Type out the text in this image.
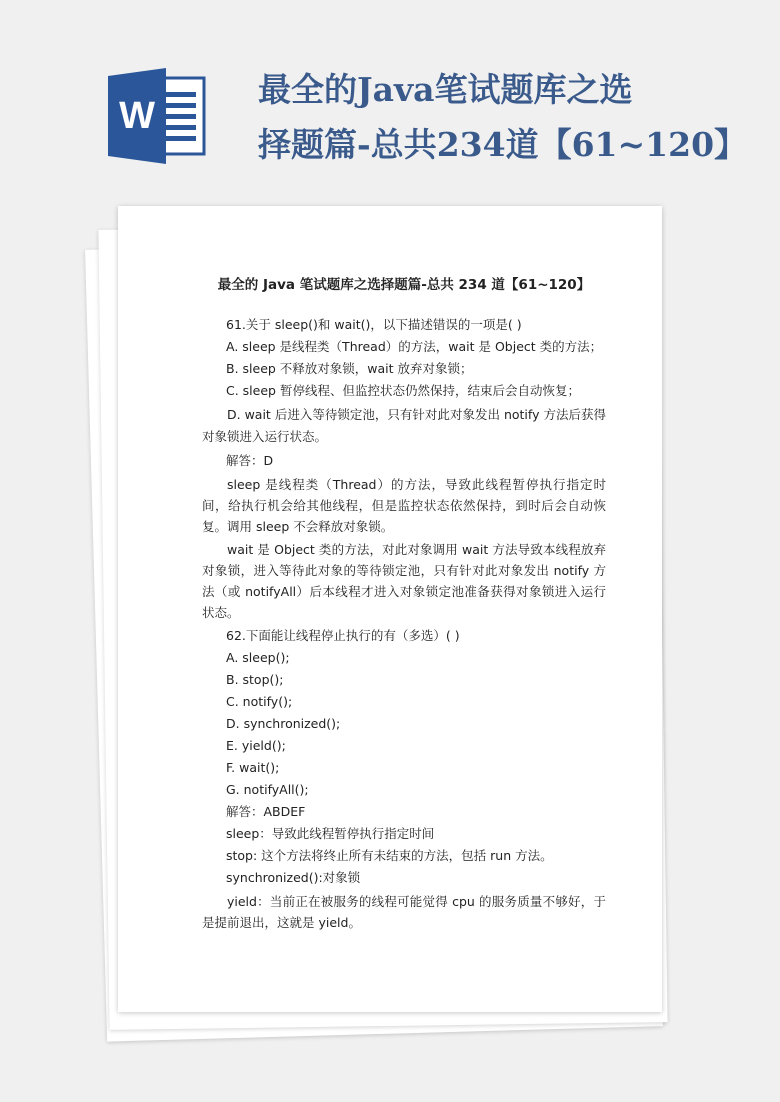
W
最全的Java笔试题库之选
择题篇-总共234道【61~120】
最全的 Java 笔试题库之选择题篇-总共 234 道【61~120】
61.关于 sleep()和 wait()，以下描述错误的一项是( )
A. sleep 是线程类（Thread）的方法，wait 是 Object 类的方法；
B. sleep 不释放对象锁，wait 放弃对象锁；
C. sleep 暂停线程、但监控状态仍然保持，结束后会自动恢复；
D. wait 后进入等待锁定池，只有针对此对象发出 notify 方法后获得对象锁进入运行状态。
解答：D
sleep 是线程类（Thread）的方法，导致此线程暂停执行指定时间，给执行机会给其他线程，但是监控状态依然保持，到时后会自动恢复。调用 sleep 不会释放对象锁。
wait 是 Object 类的方法，对此对象调用 wait 方法导致本线程放弃对象锁，进入等待此对象的等待锁定池，只有针对此对象发出 notify 方法（或 notifyAll）后本线程才进入对象锁定池准备获得对象锁进入运行状态。
62.下面能让线程停止执行的有（多选）( )
A. sleep();
B. stop();
C. notify();
D. synchronized();
E. yield();
F. wait();
G. notifyAll();
解答：ABDEF
sleep：导致此线程暂停执行指定时间
stop: 这个方法将终止所有未结束的方法，包括 run 方法。
synchronized():对象锁
yield：当前正在被服务的线程可能觉得 cpu 的服务质量不够好，于是提前退出，这就是 yield。
